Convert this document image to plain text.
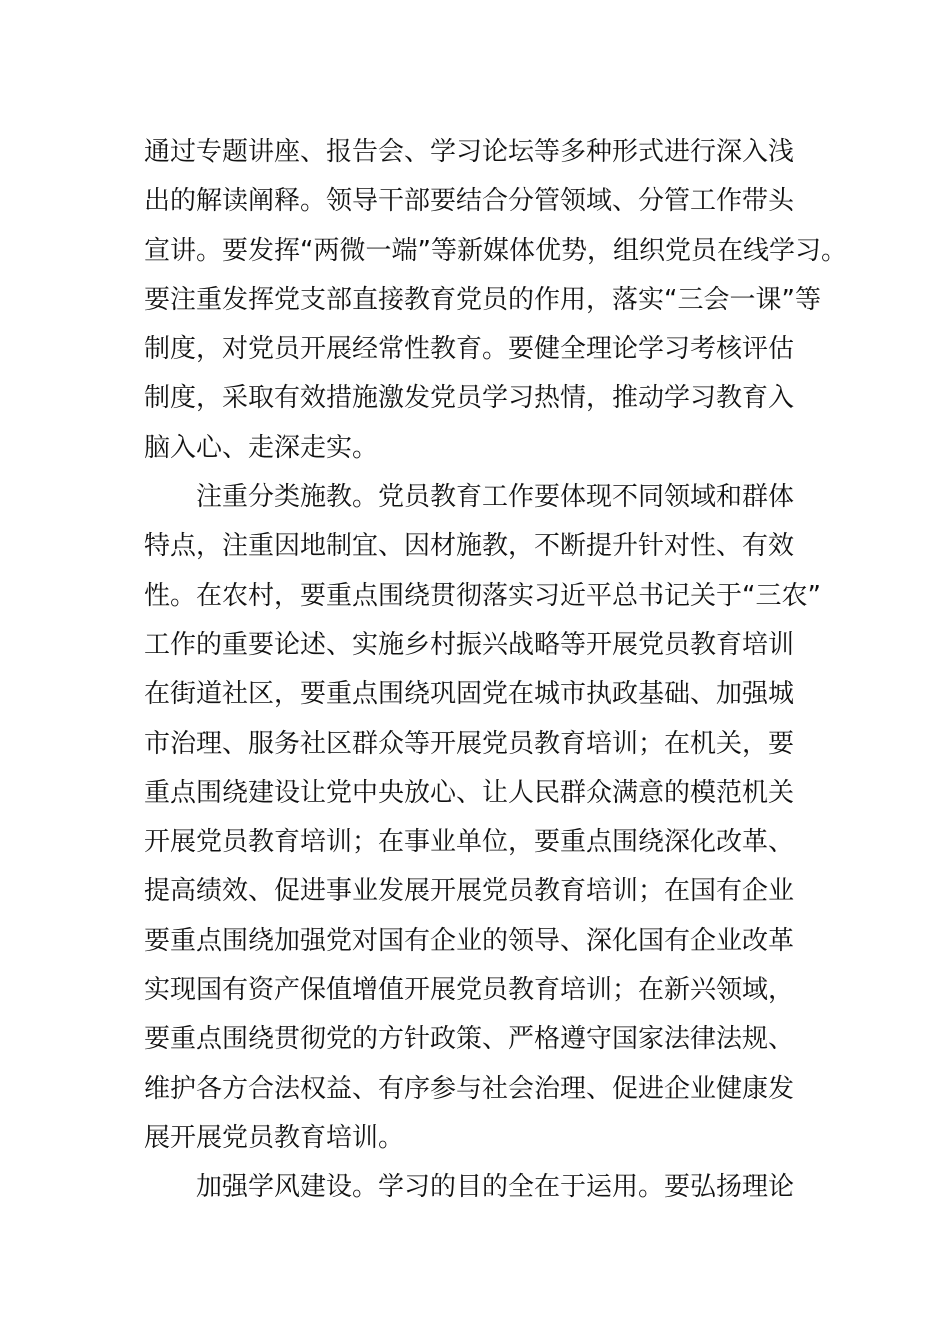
通过专题讲座、报告会、学习论坛等多种形式进行深入浅
出的解读阐释。领导干部要结合分管领域、分管工作带头
宣讲。要发挥“两微一端”等新媒体优势，组织党员在线学习。
要注重发挥党支部直接教育党员的作用，落实“三会一课”等
制度，对党员开展经常性教育。要健全理论学习考核评估
制度，采取有效措施激发党员学习热情，推动学习教育入
脑入心、走深走实。
注重分类施教。党员教育工作要体现不同领域和群体
特点，注重因地制宜、因材施教，不断提升针对性、有效
性。在农村，要重点围绕贯彻落实习近平总书记关于“三农”
工作的重要论述、实施乡村振兴战略等开展党员教育培训
在街道社区，要重点围绕巩固党在城市执政基础、加强城
市治理、服务社区群众等开展党员教育培训；在机关，要
重点围绕建设让党中央放心、让人民群众满意的模范机关
开展党员教育培训；在事业单位，要重点围绕深化改革、
提高绩效、促进事业发展开展党员教育培训；在国有企业
要重点围绕加强党对国有企业的领导、深化国有企业改革
实现国有资产保值增值开展党员教育培训；在新兴领域，
要重点围绕贯彻党的方针政策、严格遵守国家法律法规、
维护各方合法权益、有序参与社会治理、促进企业健康发
展开展党员教育培训。
加强学风建设。学习的目的全在于运用。要弘扬理论
